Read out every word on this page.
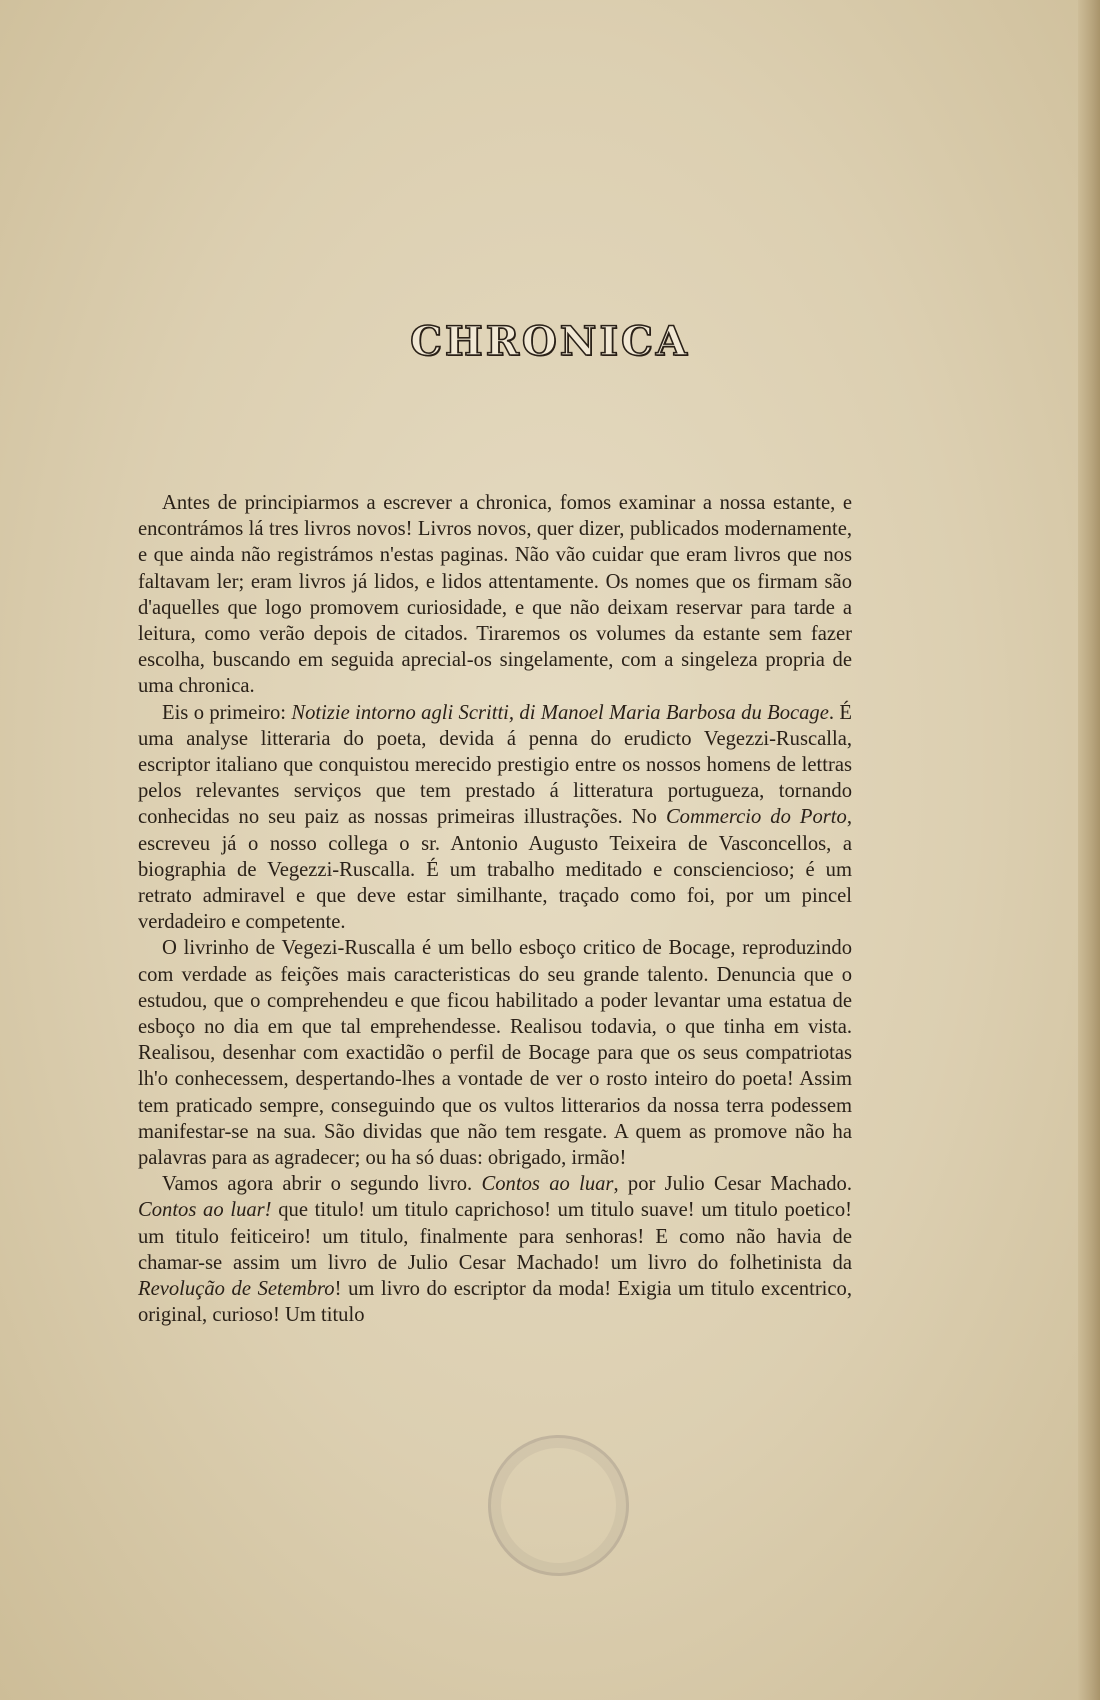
CHRONICA

Antes de principiarmos a escrever a chronica, fomos examinar a nossa estante, e encontrámos lá tres livros novos! Livros novos, quer dizer, publicados modernamente, e que ainda não registrámos n'estas paginas. Não vão cuidar que eram livros que nos faltavam ler; eram livros já lidos, e lidos attentamente. Os nomes que os firmam são d'aquelles que logo promovem curiosidade, e que não deixam reservar para tarde a leitura, como verão depois de citados. Tiraremos os volumes da estante sem fazer escolha, buscando em seguida aprecial-os singelamente, com a singeleza propria de uma chronica.

Eis o primeiro: Notizie intorno agli Scritti, di Manoel Maria Barbosa du Bocage. É uma analyse litteraria do poeta, devida á penna do erudicto Vegezzi-Ruscalla, escriptor italiano que conquistou merecido prestigio entre os nossos homens de lettras pelos relevantes serviços que tem prestado á litteratura portugueza, tornando conhecidas no seu paiz as nossas primeiras illustrações. No Commercio do Porto, escreveu já o nosso collega o sr. Antonio Augusto Teixeira de Vasconcellos, a biographia de Vegezzi-Ruscalla. É um trabalho meditado e consciencioso; é um retrato admiravel e que deve estar similhante, traçado como foi, por um pincel verdadeiro e competente.

O livrinho de Vegezi-Ruscalla é um bello esboço critico de Bocage, reproduzindo com verdade as feições mais caracteristicas do seu grande talento. Denuncia que o estudou, que o comprehendeu e que ficou habilitado a poder levantar uma estatua de esboço no dia em que tal emprehendesse. Realisou todavia, o que tinha em vista. Realisou, desenhar com exactidão o perfil de Bocage para que os seus compatriotas lh'o conhecessem, despertando-lhes a vontade de ver o rosto inteiro do poeta! Assim tem praticado sempre, conseguindo que os vultos litterarios da nossa terra podessem manifestar-se na sua. São dividas que não tem resgate. A quem as promove não ha palavras para as agradecer; ou ha só duas: obrigado, irmão!

Vamos agora abrir o segundo livro. Contos ao luar, por Julio Cesar Machado. Contos ao luar! que titulo! um titulo caprichoso! um titulo suave! um titulo poetico! um titulo feiticeiro! um titulo, finalmente para senhoras! E como não havia de chamar-se assim um livro de Julio Cesar Machado! um livro do folhetinista da Revolução de Setembro! um livro do escriptor da moda! Exigia um titulo excentrico, original, curioso! Um titulo
